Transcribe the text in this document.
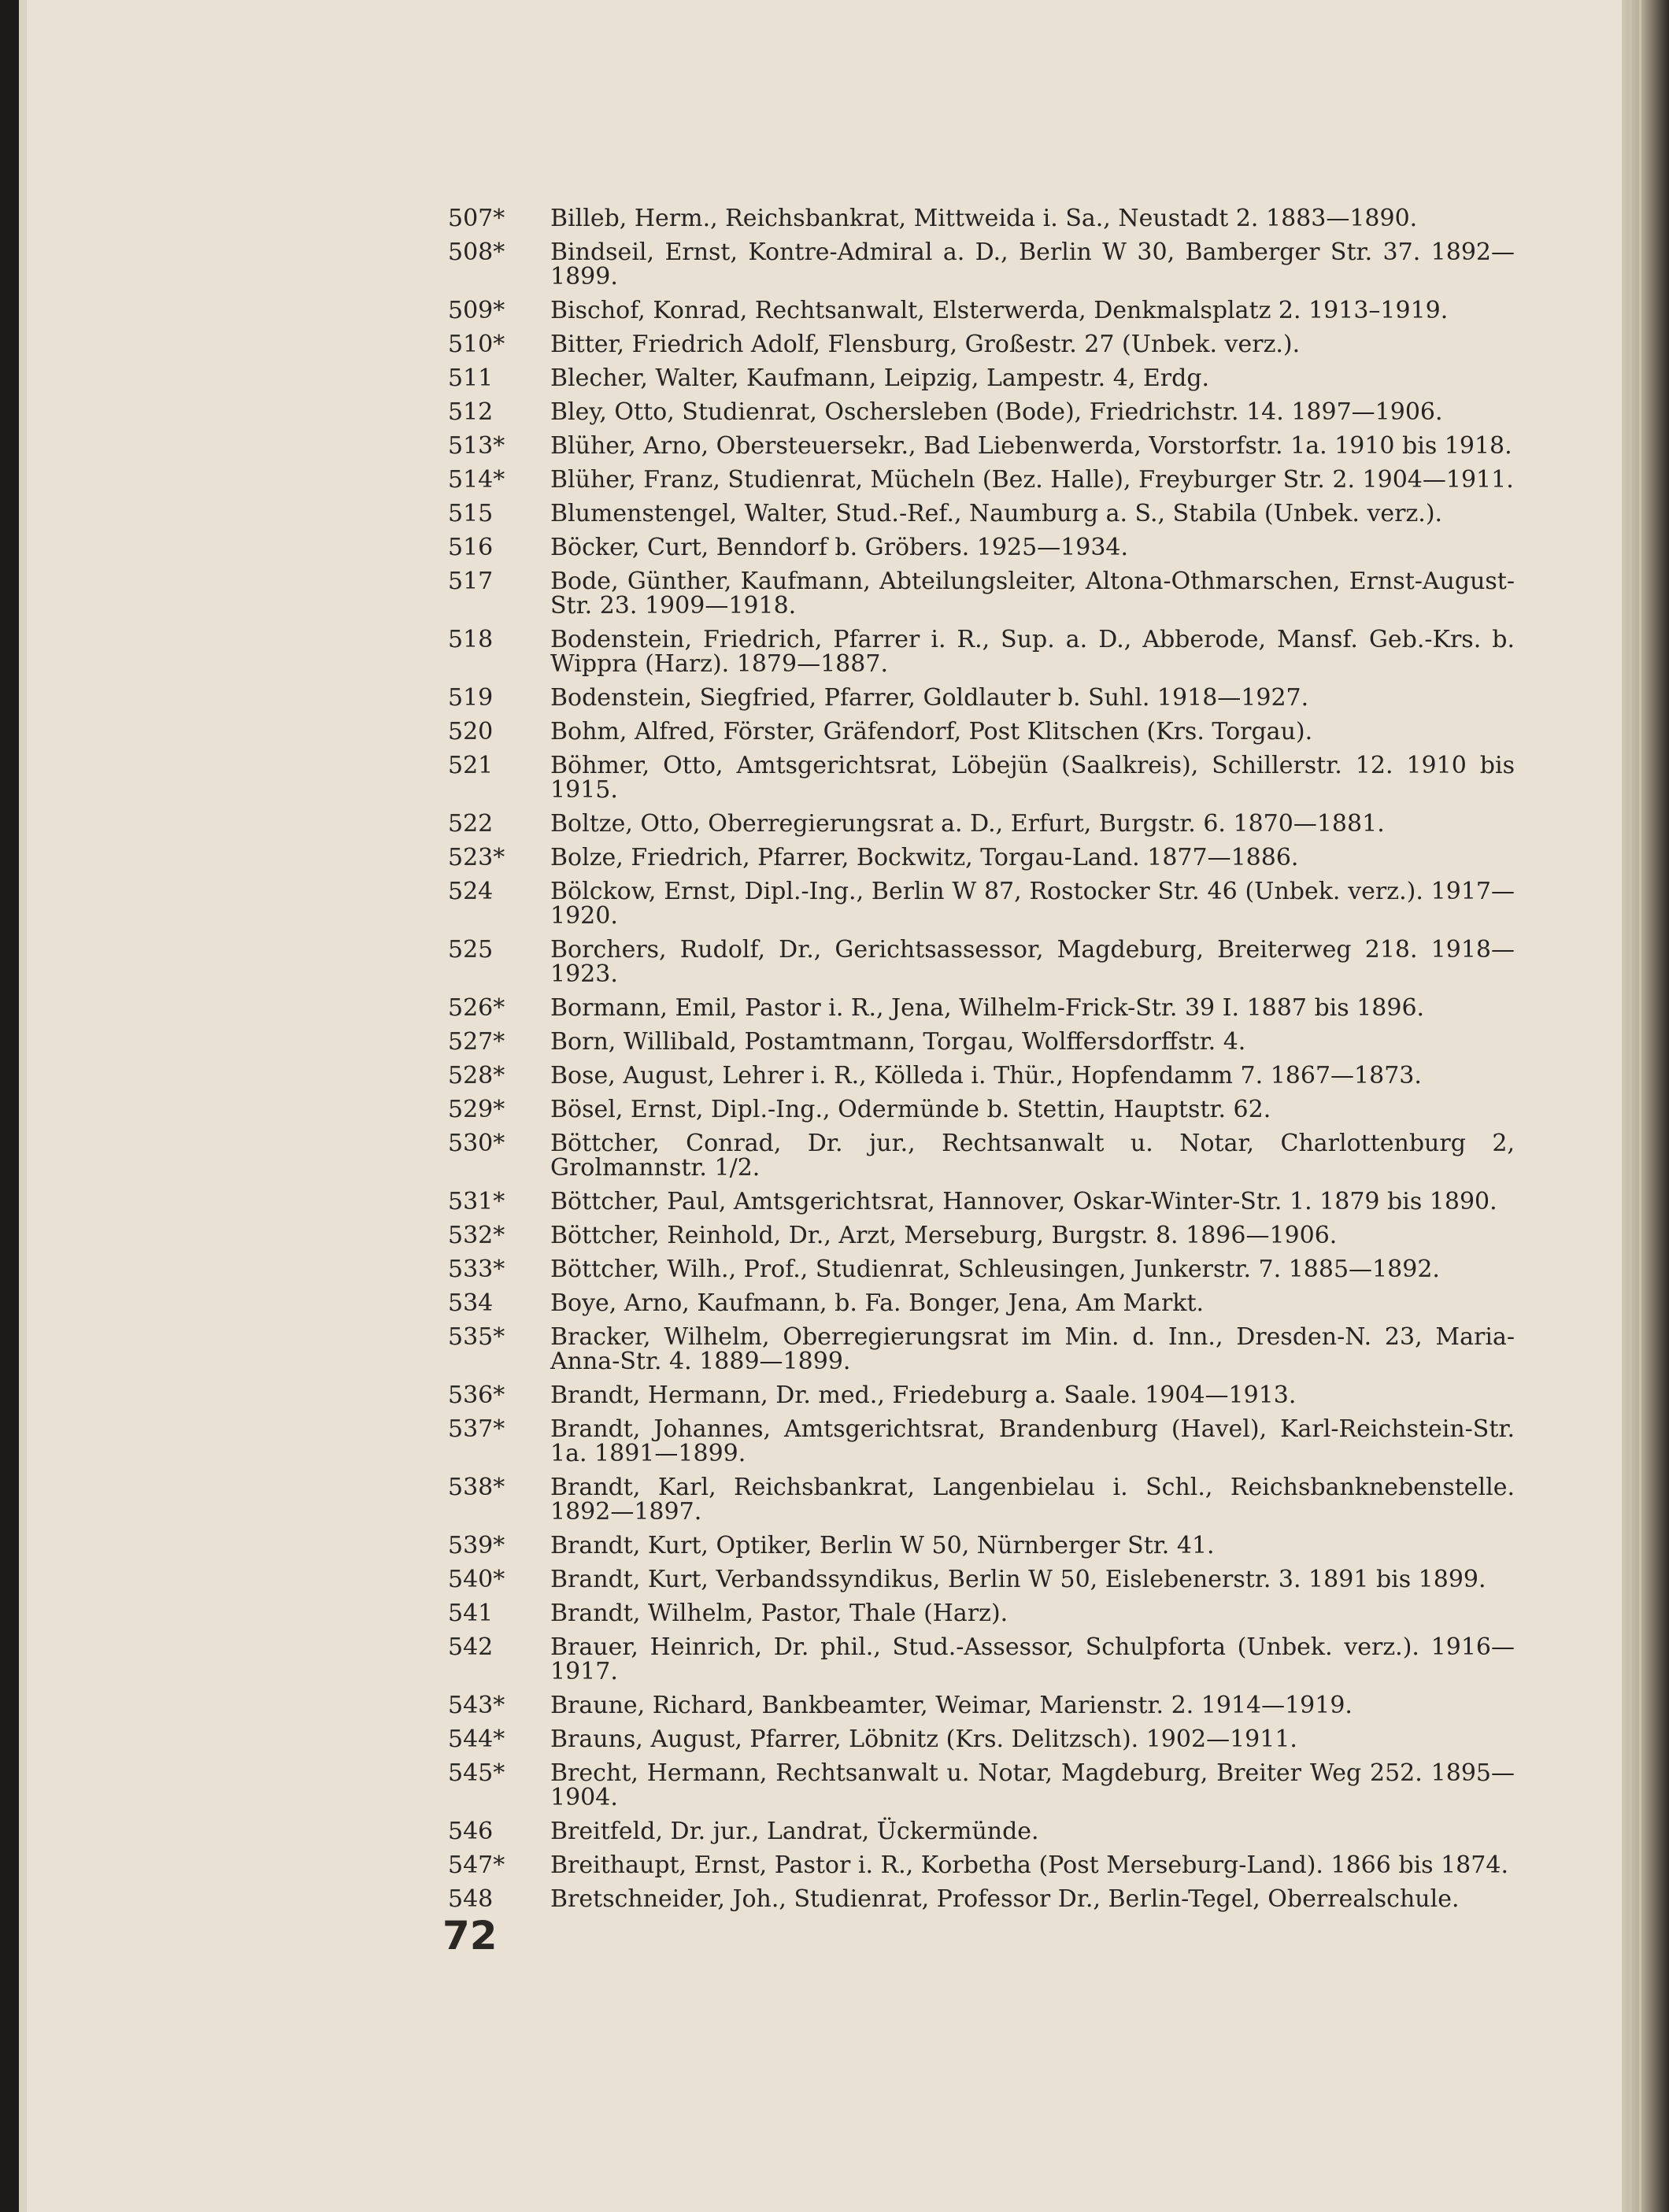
507*	Billeb, Herm., Reichsbankrat, Mittweida i. Sa., Neustadt 2. 1883—1890.
508*	Bindseil, Ernst, Kontre-Admiral a. D., Berlin W 30, Bamberger Str. 37. 1892—1899.
509*	Bischof, Konrad, Rechtsanwalt, Elsterwerda, Denkmalsplatz 2. 1913–1919.
510*	Bitter, Friedrich Adolf, Flensburg, Großestr. 27 (Unbek. verz.).
511	Blecher, Walter, Kaufmann, Leipzig, Lampestr. 4, Erdg.
512	Bley, Otto, Studienrat, Oschersleben (Bode), Friedrichstr. 14. 1897—1906.
513*	Blüher, Arno, Obersteuersekr., Bad Liebenwerda, Vorstorfstr. 1a. 1910 bis 1918.
514*	Blüher, Franz, Studienrat, Mücheln (Bez. Halle), Freyburger Str. 2. 1904—1911.
515	Blumenstengel, Walter, Stud.-Ref., Naumburg a. S., Stabila (Unbek. verz.).
516	Böcker, Curt, Benndorf b. Gröbers. 1925—1934.
517	Bode, Günther, Kaufmann, Abteilungsleiter, Altona-Othmarschen, Ernst-August-Str. 23. 1909—1918.
518	Bodenstein, Friedrich, Pfarrer i. R., Sup. a. D., Abberode, Mansf. Geb.-Krs. b. Wippra (Harz). 1879—1887.
519	Bodenstein, Siegfried, Pfarrer, Goldlauter b. Suhl. 1918—1927.
520	Bohm, Alfred, Förster, Gräfendorf, Post Klitschen (Krs. Torgau).
521	Böhmer, Otto, Amtsgerichtsrat, Löbejün (Saalkreis), Schillerstr. 12. 1910 bis 1915.
522	Boltze, Otto, Oberregierungsrat a. D., Erfurt, Burgstr. 6. 1870—1881.
523*	Bolze, Friedrich, Pfarrer, Bockwitz, Torgau-Land. 1877—1886.
524	Bölckow, Ernst, Dipl.-Ing., Berlin W 87, Rostocker Str. 46 (Unbek. verz.). 1917—1920.
525	Borchers, Rudolf, Dr., Gerichtsassessor, Magdeburg, Breiterweg 218. 1918—1923.
526*	Bormann, Emil, Pastor i. R., Jena, Wilhelm-Frick-Str. 39 I. 1887 bis 1896.
527*	Born, Willibald, Postamtmann, Torgau, Wolffersdorffstr. 4.
528*	Bose, August, Lehrer i. R., Kölleda i. Thür., Hopfendamm 7. 1867—1873.
529*	Bösel, Ernst, Dipl.-Ing., Odermünde b. Stettin, Hauptstr. 62.
530*	Böttcher, Conrad, Dr. jur., Rechtsanwalt u. Notar, Charlottenburg 2, Grolmannstr. 1/2.
531*	Böttcher, Paul, Amtsgerichtsrat, Hannover, Oskar-Winter-Str. 1. 1879 bis 1890.
532*	Böttcher, Reinhold, Dr., Arzt, Merseburg, Burgstr. 8. 1896—1906.
533*	Böttcher, Wilh., Prof., Studienrat, Schleusingen, Junkerstr. 7. 1885—1892.
534	Boye, Arno, Kaufmann, b. Fa. Bonger, Jena, Am Markt.
535*	Bracker, Wilhelm, Oberregierungsrat im Min. d. Inn., Dresden-N. 23, Maria-Anna-Str. 4. 1889—1899.
536*	Brandt, Hermann, Dr. med., Friedeburg a. Saale. 1904—1913.
537*	Brandt, Johannes, Amtsgerichtsrat, Brandenburg (Havel), Karl-Reichstein-Str. 1a. 1891—1899.
538*	Brandt, Karl, Reichsbankrat, Langenbielau i. Schl., Reichsbanknebenstelle. 1892—1897.
539*	Brandt, Kurt, Optiker, Berlin W 50, Nürnberger Str. 41.
540*	Brandt, Kurt, Verbandssyndikus, Berlin W 50, Eislebenerstr. 3. 1891 bis 1899.
541	Brandt, Wilhelm, Pastor, Thale (Harz).
542	Brauer, Heinrich, Dr. phil., Stud.-Assessor, Schulpforta (Unbek. verz.). 1916—1917.
543*	Braune, Richard, Bankbeamter, Weimar, Marienstr. 2. 1914—1919.
544*	Brauns, August, Pfarrer, Löbnitz (Krs. Delitzsch). 1902—1911.
545*	Brecht, Hermann, Rechtsanwalt u. Notar, Magdeburg, Breiter Weg 252. 1895—1904.
546	Breitfeld, Dr. jur., Landrat, Ückermünde.
547*	Breithaupt, Ernst, Pastor i. R., Korbetha (Post Merseburg-Land). 1866 bis 1874.
548	Bretschneider, Joh., Studienrat, Professor Dr., Berlin-Tegel, Oberrealschule.
72
